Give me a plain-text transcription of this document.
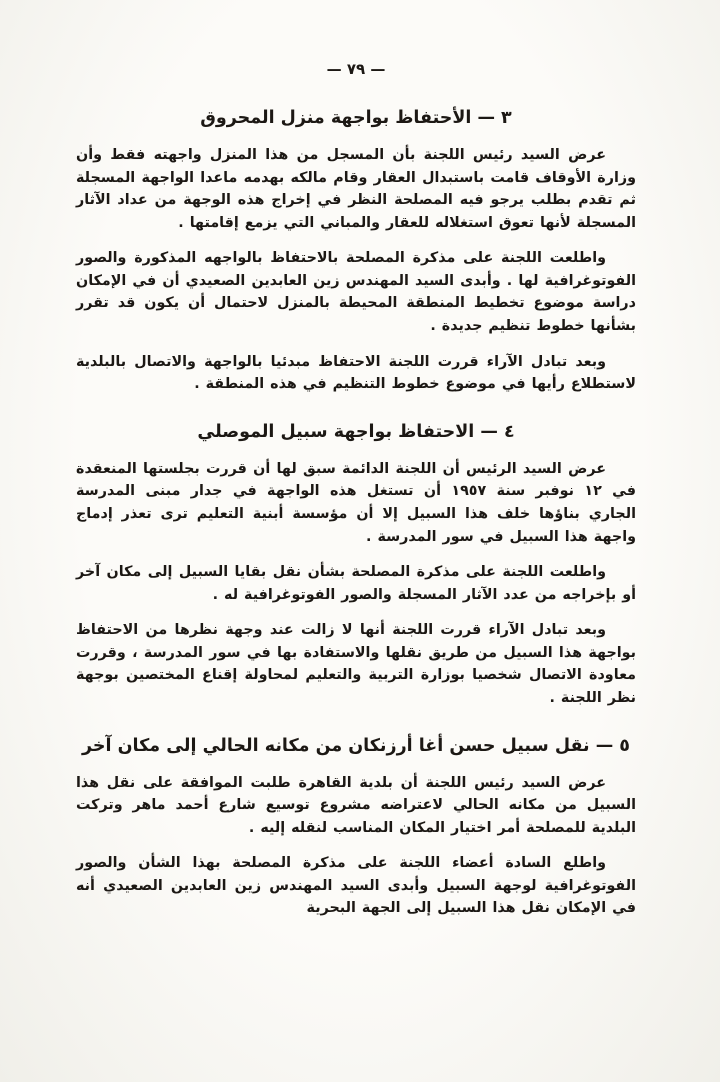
— ٧٩ —
٣ — الأحتفاظ بواجهة منزل المحروق

عرض السيد رئيس اللجنة بأن المسجل من هذا المنزل واجهته فقط وأن وزارة الأوقاف قامت باستبدال العقار وقام مالكه بهدمه ماعدا الواجهة المسجلة ثم تقدم بطلب يرجو فيه المصلحة النظر في إخراج هذه الوجهة من عداد الآثار المسجلة لأنها تعوق استغلاله للعقار والمباني التي يزمع إقامتها .

واطلعت اللجنة على مذكرة المصلحة بالاحتفاظ بالواجهه المذكورة والصور الفوتوغرافية لها . وأبدى السيد المهندس زين العابدين الصعيدي أن في الإمكان دراسة موضوع تخطيط المنطقة المحيطة بالمنزل لاحتمال أن يكون قد تقرر بشأنها خطوط تنظيم جديدة .

وبعد تبادل الآراء قررت اللجنة الاحتفاظ مبدئيا بالواجهة والاتصال بالبلدية لاستطلاع رأيها في موضوع خطوط التنظيم في هذه المنطقة .

٤ — الاحتفاظ بواجهة سبيل الموصلي

عرض السيد الرئيس أن اللجنة الدائمة سبق لها أن قررت بجلستها المنعقدة في ١٢ نوفبر سنة ١٩٥٧ أن تستغل هذه الواجهة في جدار مبنى المدرسة الجاري بناؤها خلف هذا السبيل إلا أن مؤسسة أبنية التعليم ترى تعذر إدماج واجهة هذا السبيل في سور المدرسة .

واطلعت اللجنة على مذكرة المصلحة بشأن نقل بقايا السبيل إلى مكان آخر أو بإخراجه من عدد الآثار المسجلة والصور الفوتوغرافية له .

وبعد تبادل الآراء قررت اللجنة أنها لا زالت عند وجهة نظرها من الاحتفاظ بواجهة هذا السبيل من طريق نقلها والاستفادة بها في سور المدرسة ، وقررت معاودة الاتصال شخصيا بوزارة التربية والتعليم لمحاولة إقناع المختصين بوجهة نظر اللجنة .

٥ — نقل سبيل حسن أغا أرزنكان من مكانه الحالي إلى مكان آخر

عرض السيد رئيس اللجنة أن بلدية القاهرة طلبت الموافقة على نقل هذا السبيل من مكانه الحالي لاعتراضه مشروع توسيع شارع أحمد ماهر وتركت البلدية للمصلحة أمر اختيار المكان المناسب لنقله إليه .

واطلع السادة أعضاء اللجنة على مذكرة المصلحة بهذا الشأن والصور الفوتوغرافية لوجهة السبيل وأبدى السيد المهندس زين العابدين الصعيدي أنه في الإمكان نقل هذا السبيل إلى الجهة البحرية
